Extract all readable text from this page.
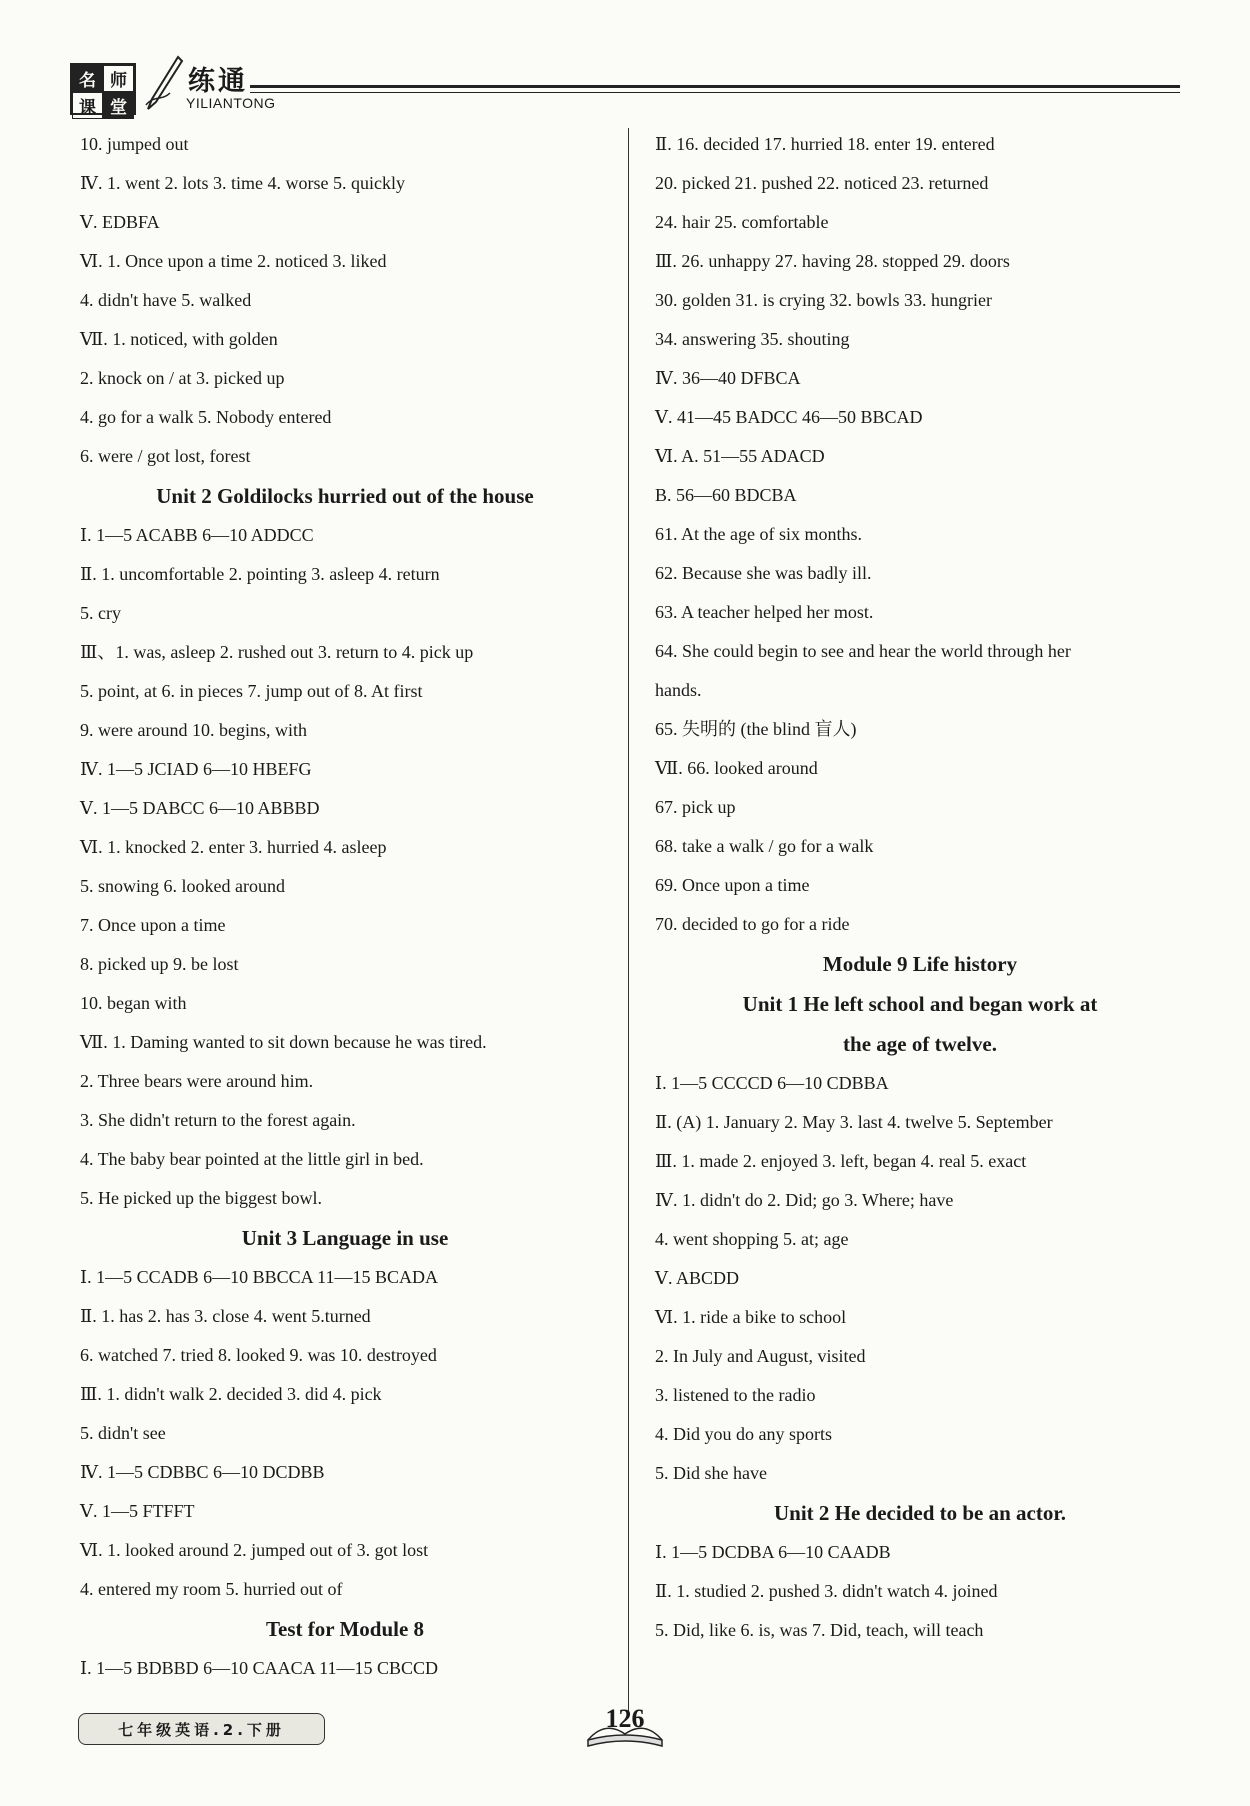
名 师
课 堂
练通
YILIANTONG
10. jumped out
Ⅳ. 1. went 2. lots 3. time 4. worse 5. quickly
Ⅴ. EDBFA
Ⅵ. 1. Once upon a time 2. noticed 3. liked
4. didn't have 5. walked
Ⅶ. 1. noticed, with golden
2. knock on / at 3. picked up
4. go for a walk 5. Nobody entered
6. were / got lost, forest
Unit 2 Goldilocks hurried out of the house
Ⅰ. 1—5 ACABB 6—10 ADDCC
Ⅱ. 1. uncomfortable 2. pointing 3. asleep 4. return
5. cry
Ⅲ、1. was, asleep 2. rushed out 3. return to 4. pick up
5. point, at 6. in pieces 7. jump out of 8. At first
9. were around 10. begins, with
Ⅳ. 1—5 JCIAD 6—10 HBEFG
Ⅴ. 1—5 DABCC 6—10 ABBBD
Ⅵ. 1. knocked 2. enter 3. hurried 4. asleep
5. snowing 6. looked around
7. Once upon a time
8. picked up 9. be lost
10. began with
Ⅶ. 1. Daming wanted to sit down because he was tired.
2. Three bears were around him.
3. She didn't return to the forest again.
4. The baby bear pointed at the little girl in bed.
5. He picked up the biggest bowl.
Unit 3 Language in use
Ⅰ. 1—5 CCADB 6—10 BBCCA 11—15 BCADA
Ⅱ. 1. has 2. has 3. close 4. went 5.turned
6. watched 7. tried 8. looked 9. was 10. destroyed
Ⅲ. 1. didn't walk 2. decided 3. did 4. pick
5. didn't see
Ⅳ. 1—5 CDBBC 6—10 DCDBB
Ⅴ. 1—5 FTFFT
Ⅵ. 1. looked around 2. jumped out of 3. got lost
4. entered my room 5. hurried out of
Test for Module 8
Ⅰ. 1—5 BDBBD 6—10 CAACA 11—15 CBCCD
Ⅱ. 16. decided 17. hurried 18. enter 19. entered
20. picked 21. pushed 22. noticed 23. returned
24. hair 25. comfortable
Ⅲ. 26. unhappy 27. having 28. stopped 29. doors
30. golden 31. is crying 32. bowls 33. hungrier
34. answering 35. shouting
Ⅳ. 36—40 DFBCA
Ⅴ. 41—45 BADCC 46—50 BBCAD
Ⅵ. A. 51—55 ADACD
B. 56—60 BDCBA
61. At the age of six months.
62. Because she was badly ill.
63. A teacher helped her most.
64. She could begin to see and hear the world through her
hands.
65. 失明的 (the blind 盲人)
Ⅶ. 66. looked around
67. pick up
68. take a walk / go for a walk
69. Once upon a time
70. decided to go for a ride
Module 9 Life history
Unit 1 He left school and began work at
the age of twelve.
Ⅰ. 1—5 CCCCD 6—10 CDBBA
Ⅱ. (A) 1. January 2. May 3. last 4. twelve 5. September
Ⅲ. 1. made 2. enjoyed 3. left, began 4. real 5. exact
Ⅳ. 1. didn't do 2. Did; go 3. Where; have
4. went shopping 5. at; age
Ⅴ. ABCDD
Ⅵ. 1. ride a bike to school
2. In July and August, visited
3. listened to the radio
4. Did you do any sports
5. Did she have
Unit 2 He decided to be an actor.
Ⅰ. 1—5 DCDBA 6—10 CAADB
Ⅱ. 1. studied 2. pushed 3. didn't watch 4. joined
5. Did, like 6. is, was 7. Did, teach, will teach
七年级英语.2.下册	126
